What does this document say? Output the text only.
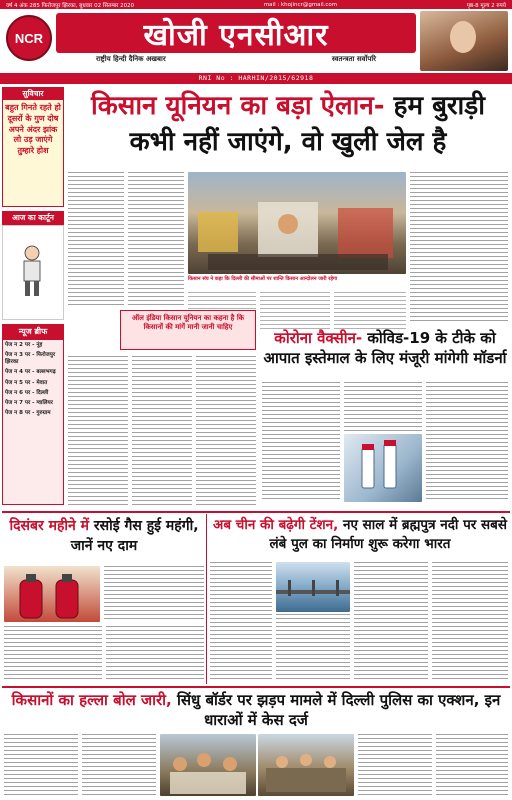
वर्ष 4 अंक 285 फिरोजपुर झिरका, बुधवार 02 सितम्बर 2020	mail : khojincr@gmail.com	पृष्ठ-8 मूल्य 2 रुपये
NCR	खोजी एनसीआर
राष्ट्रीय हिन्दी दैनिक अखबार	स्वतन्त्रता सर्वोपरि
RNI No : HARHIN/2015/62918
सुविचार
बहुत गिनते रहते हो दूसरों के गुण दोष अपने अंदर झांक लो उड़ जाएंगे तुम्हारे होश
आज का कार्टून
न्यूज ब्रीफ
पेज न 2 पर - नूंह
पेज न 3 पर - फिरोजपुर झिरका
पेज न 4 पर - बल्लभगढ़
पेज न 5 पर - मेवात
पेज न 6 पर - दिल्ली
पेज न 7 पर - ग्वालियर
पेज न 8 पर - गुरुग्राम
किसान यूनियन का बड़ा ऐलान- हम बुराड़ी कभी नहीं जाएंगे, वो खुली जेल है
किसान संघ ने कहा कि दिल्ली की सीमाओं पर शान्ति किसान आन्दोलन जारी रहेगा
ऑल इंडिया किसान यूनियन का कहना है कि किसानों की मांगें मानी जानी चाहिए
कोरोना वैक्सीन- कोविड-19 के टीके को आपात इस्तेमाल के लिए मंजूरी मांगेगी मॉडर्ना
दिसंबर महीने में रसोई गैस हुई महंगी, जानें नए दाम
अब चीन की बढ़ेगी टेंशन, नए साल में ब्रह्मपुत्र नदी पर सबसे लंबे पुल का निर्माण शुरू करेगा भारत
किसानों का हल्ला बोल जारी, सिंधु बॉर्डर पर झड़प मामले में दिल्ली पुलिस का एक्शन, इन धाराओं में केस दर्ज
